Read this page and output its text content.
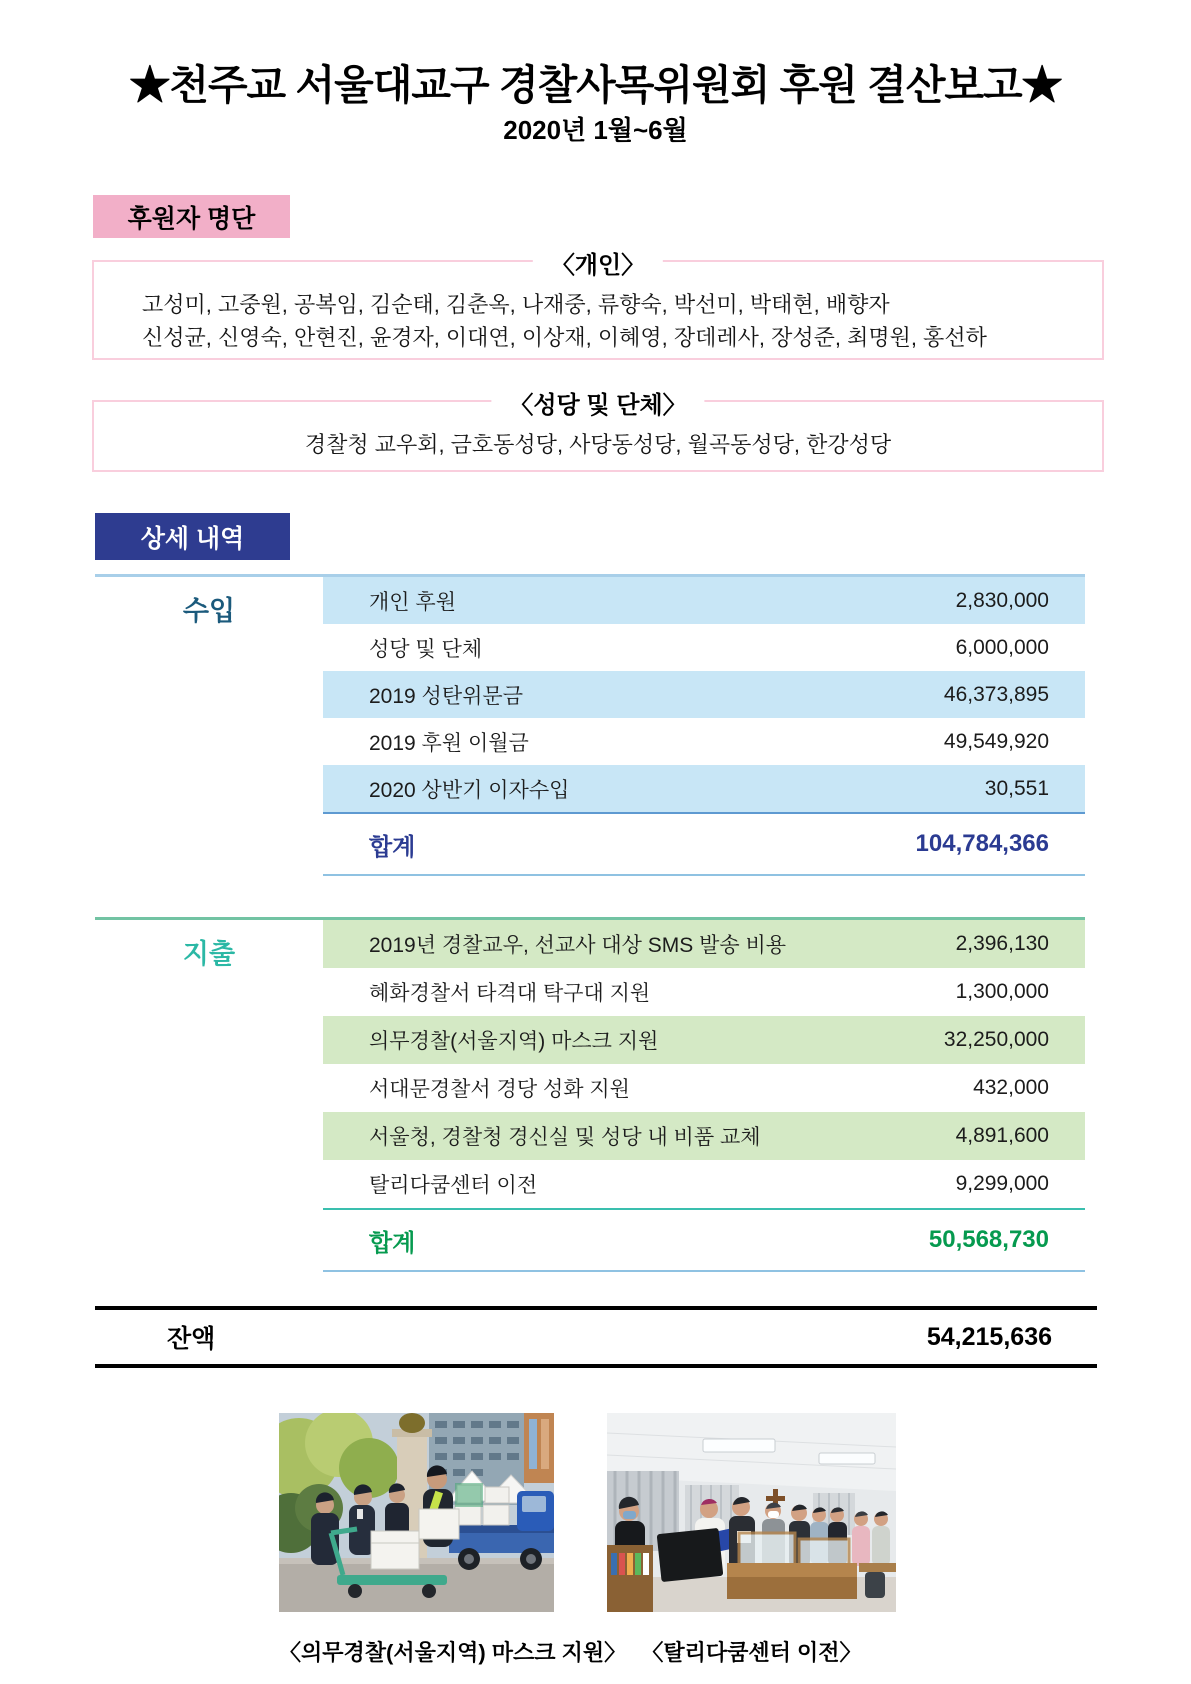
★천주교 서울대교구 경찰사목위원회 후원 결산보고★
2020년 1월~6월
후원자 명단
〈개인〉
고성미, 고중원, 공복임, 김순태, 김춘옥, 나재중, 류향숙, 박선미, 박태현, 배향자
신성균, 신영숙, 안현진, 윤경자, 이대연, 이상재, 이혜영, 장데레사, 장성준, 최명원, 홍선하
〈성당 및 단체〉
경찰청 교우회, 금호동성당, 사당동성당, 월곡동성당, 한강성당
상세 내역
수입	개인 후원	2,830,000
성당 및 단체	6,000,000
2019 성탄위문금	46,373,895
2019 후원 이월금	49,549,920
2020 상반기 이자수입	30,551
합계	104,784,366
지출	2019년 경찰교우, 선교사 대상 SMS 발송 비용	2,396,130
혜화경찰서 타격대 탁구대 지원	1,300,000
의무경찰(서울지역) 마스크 지원	32,250,000
서대문경찰서 경당 성화 지원	432,000
서울청, 경찰청 경신실 및 성당 내 비품 교체	4,891,600
탈리다쿰센터 이전	9,299,000
합계	50,568,730
잔액	54,215,636
〈의무경찰(서울지역) 마스크 지원〉 〈탈리다쿰센터 이전〉
